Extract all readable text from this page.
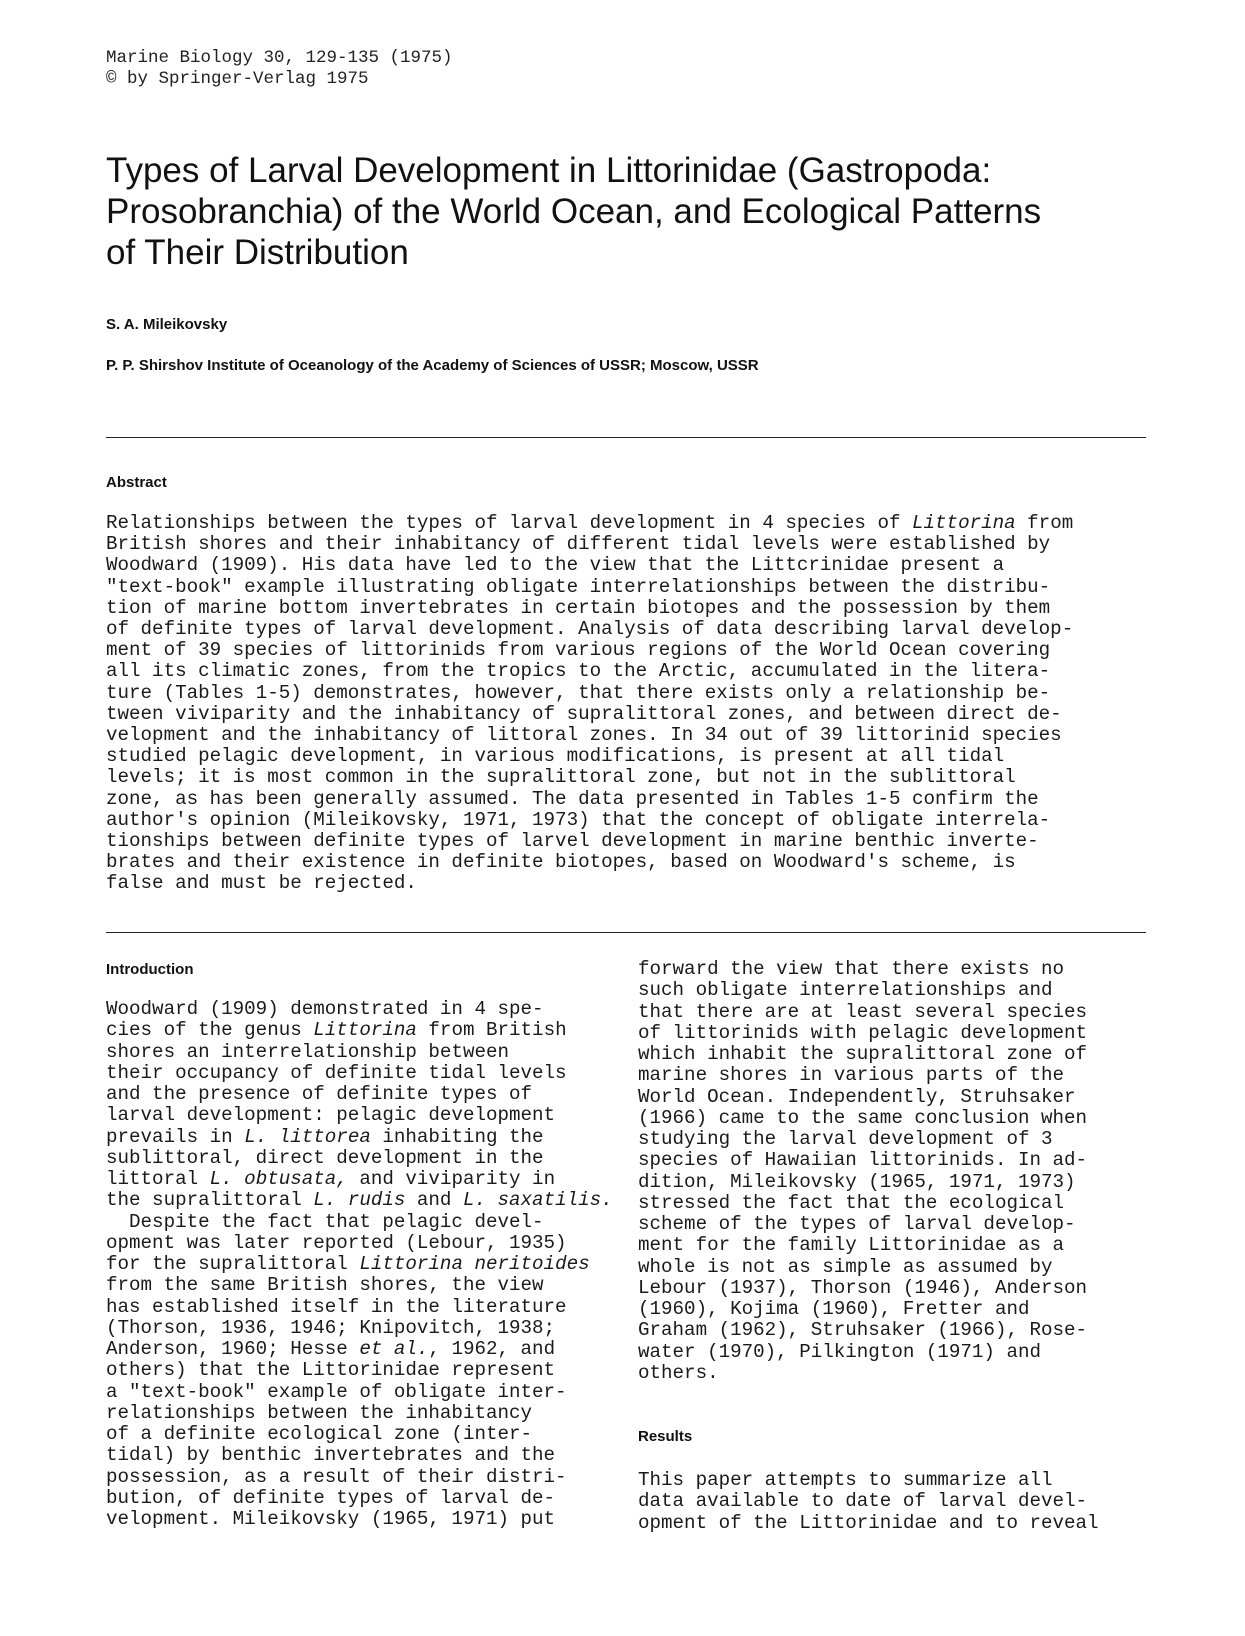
Marine Biology 30, 129-135 (1975)
© by Springer-Verlag 1975
Types of Larval Development in Littorinidae (Gastropoda:
Prosobranchia) of the World Ocean, and Ecological Patterns
of Their Distribution
S. A. Mileikovsky
P. P. Shirshov Institute of Oceanology of the Academy of Sciences of USSR; Moscow, USSR
Abstract
Relationships between the types of larval development in 4 species of Littorina from
British shores and their inhabitancy of different tidal levels were established by
Woodward (1909). His data have led to the view that the Littcrinidae present a
"text-book" example illustrating obligate interrelationships between the distribu-
tion of marine bottom invertebrates in certain biotopes and the possession by them
of definite types of larval development. Analysis of data describing larval develop-
ment of 39 species of littorinids from various regions of the World Ocean covering
all its climatic zones, from the tropics to the Arctic, accumulated in the litera-
ture (Tables 1-5) demonstrates, however, that there exists only a relationship be-
tween viviparity and the inhabitancy of supralittoral zones, and between direct de-
velopment and the inhabitancy of littoral zones. In 34 out of 39 littorinid species
studied pelagic development, in various modifications, is present at all tidal
levels; it is most common in the supralittoral zone, but not in the sublittoral
zone, as has been generally assumed. The data presented in Tables 1-5 confirm the
author's opinion (Mileikovsky, 1971, 1973) that the concept of obligate interrela-
tionships between definite types of larvel development in marine benthic inverte-
brates and their existence in definite biotopes, based on Woodward's scheme, is
false and must be rejected.
Introduction
Woodward (1909) demonstrated in 4 spe-
cies of the genus Littorina from British
shores an interrelationship between
their occupancy of definite tidal levels
and the presence of definite types of
larval development: pelagic development
prevails in L. littorea inhabiting the
sublittoral, direct development in the
littoral L. obtusata, and viviparity in
the supralittoral L. rudis and L. saxatilis.
Despite the fact that pelagic devel-
opment was later reported (Lebour, 1935)
for the supralittoral Littorina neritoides
from the same British shores, the view
has established itself in the literature
(Thorson, 1936, 1946; Knipovitch, 1938;
Anderson, 1960; Hesse et al., 1962, and
others) that the Littorinidae represent
a "text-book" example of obligate inter-
relationships between the inhabitancy
of a definite ecological zone (inter-
tidal) by benthic invertebrates and the
possession, as a result of their distri-
bution, of definite types of larval de-
velopment. Mileikovsky (1965, 1971) put
forward the view that there exists no
such obligate interrelationships and
that there are at least several species
of littorinids with pelagic development
which inhabit the supralittoral zone of
marine shores in various parts of the
World Ocean. Independently, Struhsaker
(1966) came to the same conclusion when
studying the larval development of 3
species of Hawaiian littorinids. In ad-
dition, Mileikovsky (1965, 1971, 1973)
stressed the fact that the ecological
scheme of the types of larval develop-
ment for the family Littorinidae as a
whole is not as simple as assumed by
Lebour (1937), Thorson (1946), Anderson
(1960), Kojima (1960), Fretter and
Graham (1962), Struhsaker (1966), Rose-
water (1970), Pilkington (1971) and
others.
Results
This paper attempts to summarize all
data available to date of larval devel-
opment of the Littorinidae and to reveal
